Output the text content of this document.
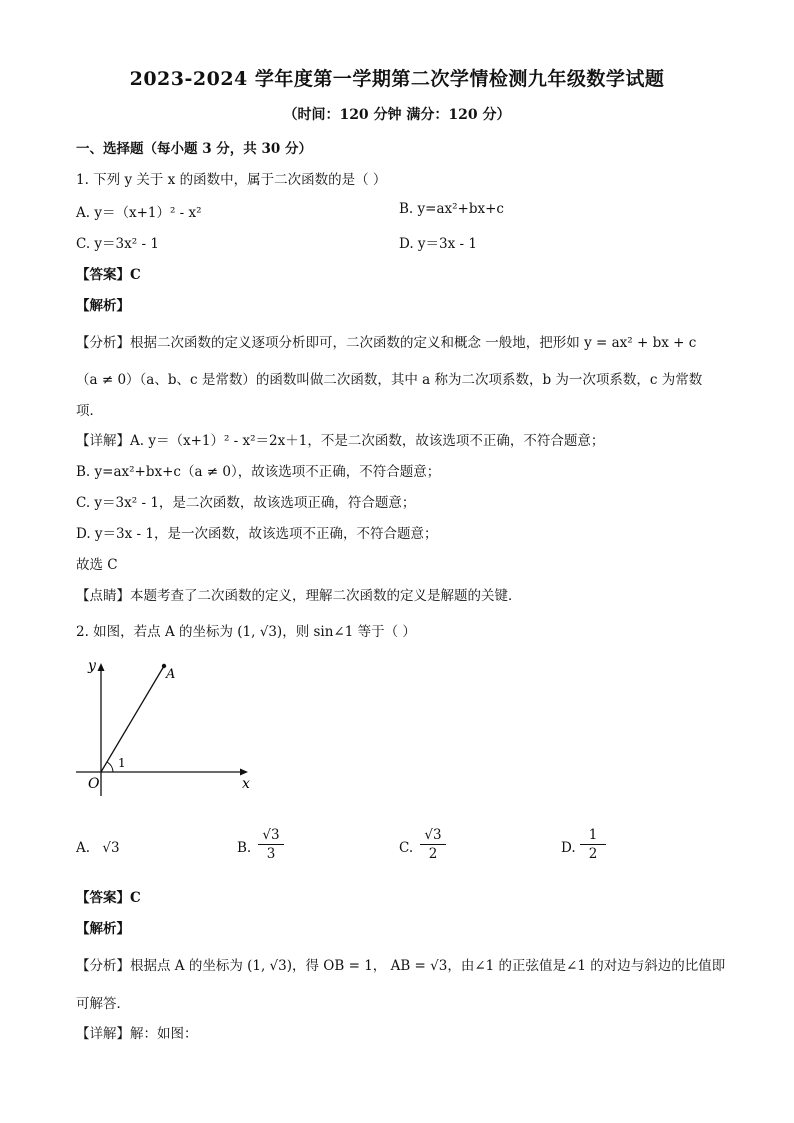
2023-2024 学年度第一学期第二次学情检测九年级数学试题
（时间：120 分钟 满分：120 分）
一、选择题（每小题 3 分，共 30 分）
1. 下列 y 关于 x 的函数中，属于二次函数的是（ ）
A. y＝（x+1）² - x²	B. y=ax²+bx+c
C. y＝3x² - 1	D. y＝3x - 1
【答案】C
【解析】
【分析】根据二次函数的定义逐项分析即可，二次函数的定义和概念 一般地，把形如 y = ax² + bx + c
（a ≠ 0）（a、b、c 是常数）的函数叫做二次函数，其中 a 称为二次项系数，b 为一次项系数，c 为常数
项．
【详解】A. y＝（x+1）² - x²＝2x＋1，不是二次函数，故该选项不正确，不符合题意；
B. y=ax²+bx+c（a ≠ 0），故该选项不正确，不符合题意；
C. y＝3x² - 1，是二次函数，故该选项正确，符合题意；
D. y＝3x - 1，是一次函数，故该选项不正确，不符合题意；
故选 C
【点睛】本题考查了二次函数的定义，理解二次函数的定义是解题的关键．
2. 如图，若点 A 的坐标为 (1, √3)，则 sin∠1 等于（ ）
y
x
O
A
1
A. √3	B.
√3
3	C.
√3
2	D.
1
2
【答案】C
【解析】
【分析】根据点 A 的坐标为 (1, √3)，得 OB = 1， AB = √3，由∠1 的正弦值是∠1 的对边与斜边的比值即
可解答．
【详解】解：如图：
